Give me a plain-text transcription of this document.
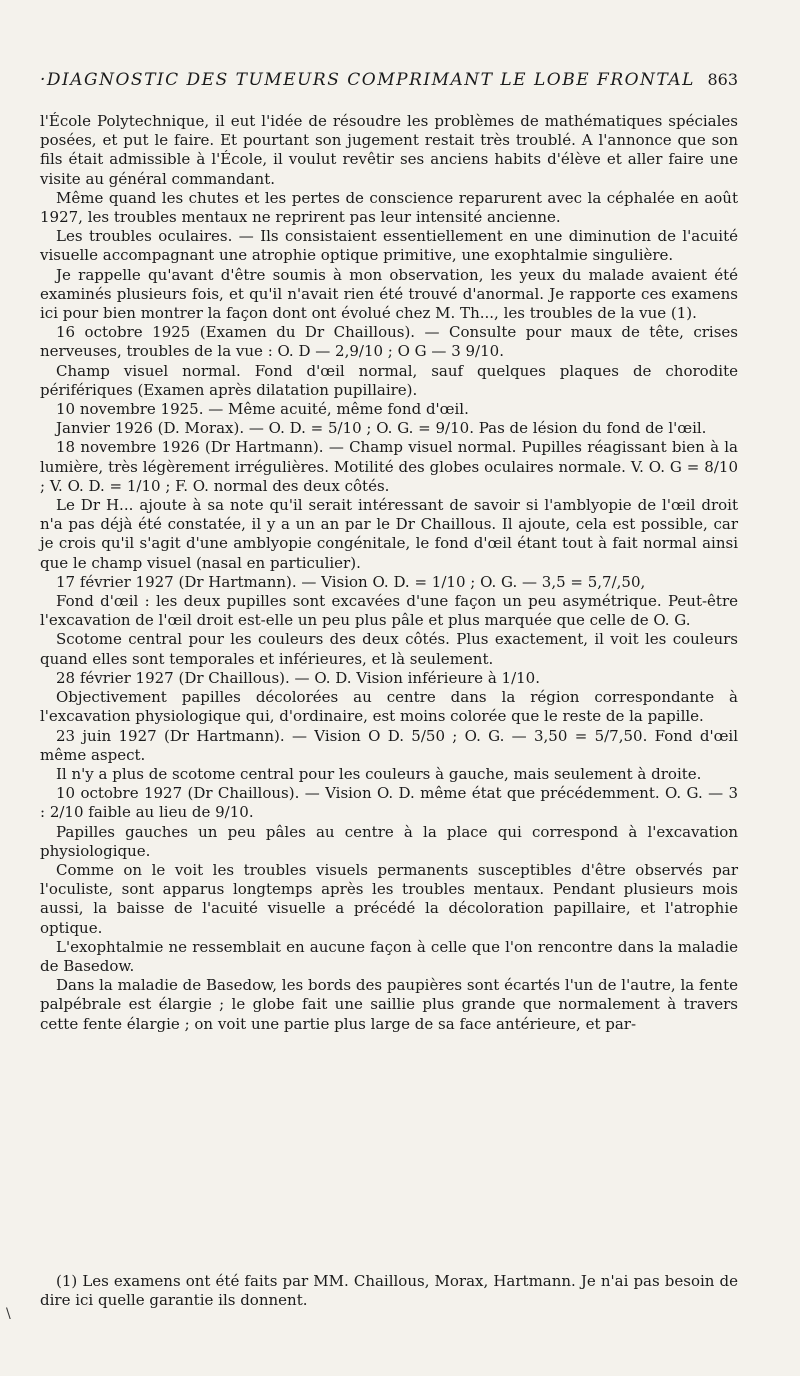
·DIAGNOSTIC DES TUMEURS COMPRIMANT LE LOBE FRONTAL 863

l'École Polytechnique, il eut l'idée de résoudre les problèmes de mathématiques spéciales posées, et put le faire. Et pourtant son jugement restait très troublé. A l'annonce que son fils était admissible à l'École, il voulut revêtir ses anciens habits d'élève et aller faire une visite au général commandant.

Même quand les chutes et les pertes de conscience reparurent avec la céphalée en août 1927, les troubles mentaux ne reprirent pas leur intensité ancienne.

Les troubles oculaires. — Ils consistaient essentiellement en une diminution de l'acuité visuelle accompagnant une atrophie optique primitive, une exophtalmie singulière.

Je rappelle qu'avant d'être soumis à mon observation, les yeux du malade avaient été examinés plusieurs fois, et qu'il n'avait rien été trouvé d'anormal. Je rapporte ces examens ici pour bien montrer la façon dont ont évolué chez M. Th..., les troubles de la vue (1).

16 octobre 1925 (Examen du Dr Chaillous). — Consulte pour maux de tête, crises nerveuses, troubles de la vue : O. D — 2,9/10 ; O G — 3 9/10.

Champ visuel normal. Fond d'œil normal, sauf quelques plaques de chorodite périfériques (Examen après dilatation pupillaire).

10 novembre 1925. — Même acuité, même fond d'œil.

Janvier 1926 (D. Morax). — O. D. = 5/10 ; O. G. = 9/10. Pas de lésion du fond de l'œil.

18 novembre 1926 (Dr Hartmann). — Champ visuel normal. Pupilles réagissant bien à la lumière, très légèrement irrégulières. Motilité des globes oculaires normale. V. O. G = 8/10 ; V. O. D. = 1/10 ; F. O. normal des deux côtés.

Le Dr H... ajoute à sa note qu'il serait intéressant de savoir si l'amblyopie de l'œil droit n'a pas déjà été constatée, il y a un an par le Dr Chaillous. Il ajoute, cela est possible, car je crois qu'il s'agit d'une amblyopie congénitale, le fond d'œil étant tout à fait normal ainsi que le champ visuel (nasal en particulier).

17 février 1927 (Dr Hartmann). — Vision O. D. = 1/10 ; O. G. — 3,5 = 5,7/,50,

Fond d'œil : les deux pupilles sont excavées d'une façon un peu asymétrique. Peut-être l'excavation de l'œil droit est-elle un peu plus pâle et plus marquée que celle de O. G.

Scotome central pour les couleurs des deux côtés. Plus exactement, il voit les couleurs quand elles sont temporales et inférieures, et là seulement.

28 février 1927 (Dr Chaillous). — O. D. Vision inférieure à 1/10.

Objectivement papilles décolorées au centre dans la région correspondante à l'excavation physiologique qui, d'ordinaire, est moins colorée que le reste de la papille.

23 juin 1927 (Dr Hartmann). — Vision O D. 5/50 ; O. G. — 3,50 = 5/7,50. Fond d'œil même aspect.

Il n'y a plus de scotome central pour les couleurs à gauche, mais seulement à droite.

10 octobre 1927 (Dr Chaillous). — Vision O. D. même état que précédemment. O. G. — 3 : 2/10 faible au lieu de 9/10.

Papilles gauches un peu pâles au centre à la place qui correspond à l'excavation physiologique.

Comme on le voit les troubles visuels permanents susceptibles d'être observés par l'oculiste, sont apparus longtemps après les troubles mentaux. Pendant plusieurs mois aussi, la baisse de l'acuité visuelle a précédé la décoloration papillaire, et l'atrophie optique.

L'exophtalmie ne ressemblait en aucune façon à celle que l'on rencontre dans la maladie de Basedow.

Dans la maladie de Basedow, les bords des paupières sont écartés l'un de l'autre, la fente palpébrale est élargie ; le globe fait une saillie plus grande que normalement à travers cette fente élargie ; on voit une partie plus large de sa face antérieure, et par-

(1) Les examens ont été faits par MM. Chaillous, Morax, Hartmann. Je n'ai pas besoin de dire ici quelle garantie ils donnent.

\
